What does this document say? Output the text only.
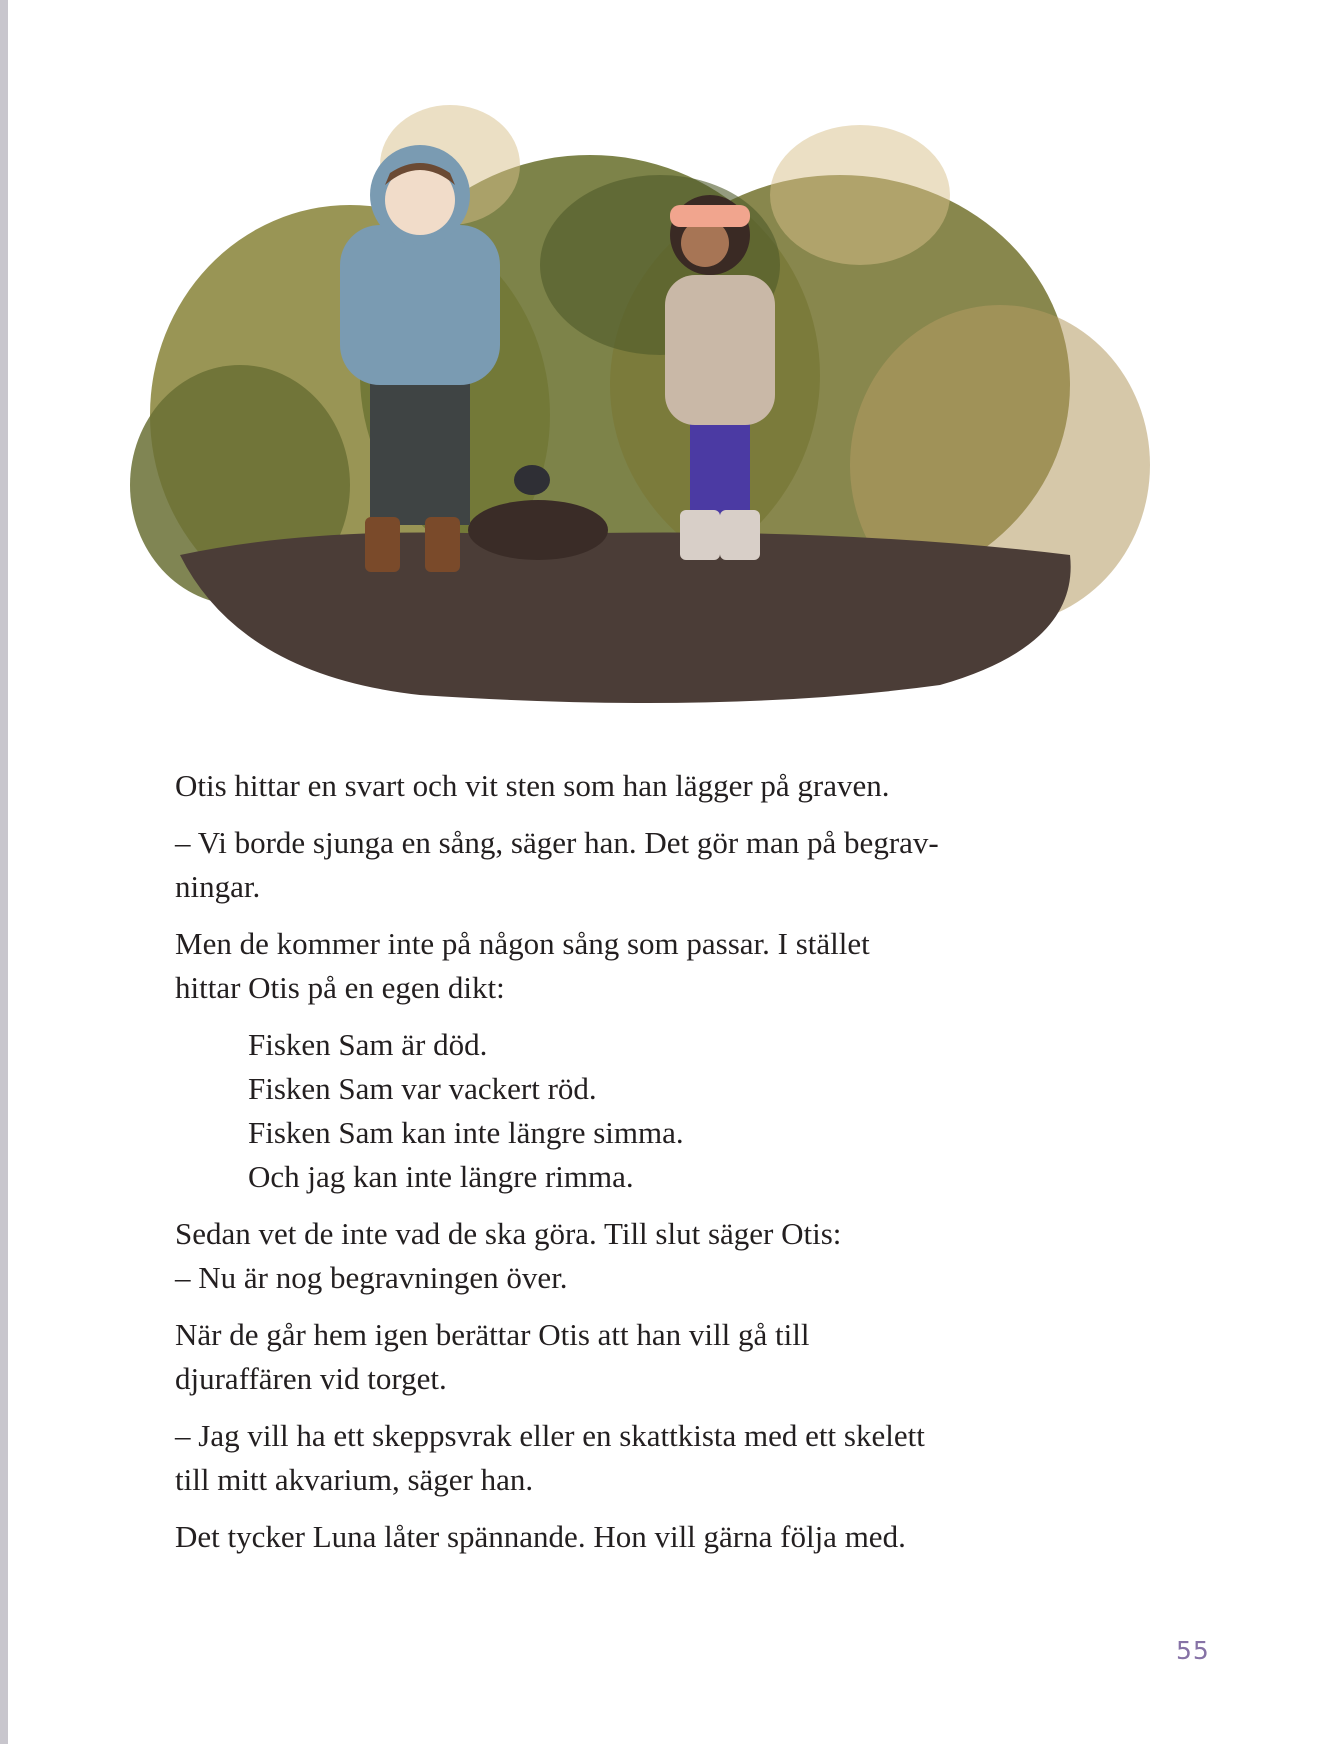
Otis hittar en svart och vit sten som han lägger på graven.

– Vi borde sjunga en sång, säger han. Det gör man på begrav-
ningar.

Men de kommer inte på någon sång som passar. I stället
hittar Otis på en egen dikt:

Fisken Sam är död.
Fisken Sam var vackert röd.
Fisken Sam kan inte längre simma.
Och jag kan inte längre rimma.

Sedan vet de inte vad de ska göra. Till slut säger Otis:
– Nu är nog begravningen över.

När de går hem igen berättar Otis att han vill gå till
djuraffären vid torget.

– Jag vill ha ett skeppsvrak eller en skattkista med ett skelett
till mitt akvarium, säger han.

Det tycker Luna låter spännande. Hon vill gärna följa med.

55
